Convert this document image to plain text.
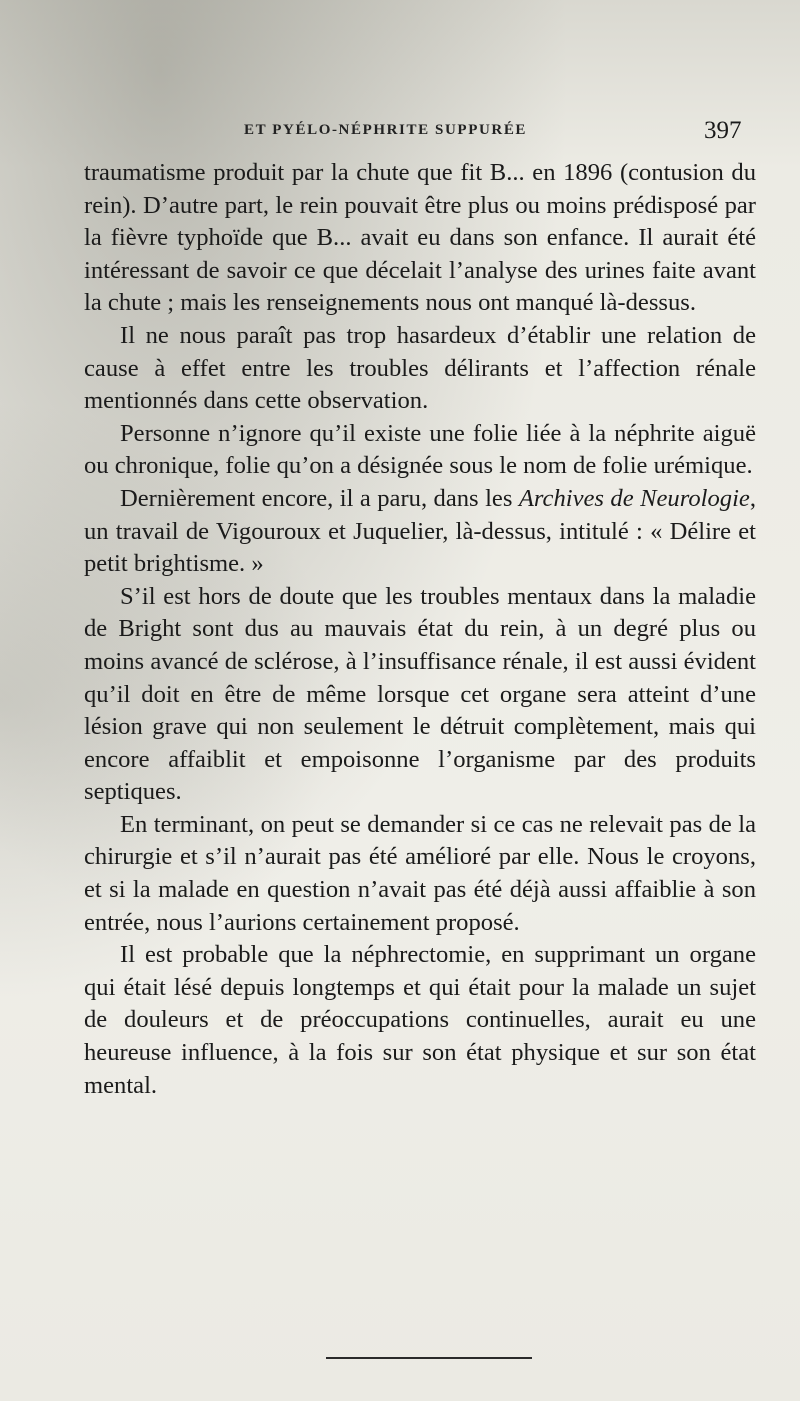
ET PYÉLO-NÉPHRITE SUPPURÉE	397

traumatisme produit par la chute que fit B... en 1896 (contusion du rein). D’autre part, le rein pouvait être plus ou moins prédisposé par la fièvre typhoïde que B... avait eu dans son enfance. Il aurait été intéressant de savoir ce que décelait l’analyse des urines faite avant la chute ; mais les renseignements nous ont manqué là-dessus.

Il ne nous paraît pas trop hasardeux d’établir une relation de cause à effet entre les troubles délirants et l’affection rénale mentionnés dans cette observation.

Personne n’ignore qu’il existe une folie liée à la néphrite aiguë ou chronique, folie qu’on a désignée sous le nom de folie urémique.

Dernièrement encore, il a paru, dans les Archives de Neurologie, un travail de Vigouroux et Juquelier, là-dessus, intitulé : « Délire et petit brightisme. »

S’il est hors de doute que les troubles mentaux dans la maladie de Bright sont dus au mauvais état du rein, à un degré plus ou moins avancé de sclérose, à l’insuffisance rénale, il est aussi évident qu’il doit en être de même lorsque cet organe sera atteint d’une lésion grave qui non seulement le détruit complètement, mais qui encore affaiblit et empoisonne l’organisme par des produits septiques.

En terminant, on peut se demander si ce cas ne relevait pas de la chirurgie et s’il n’aurait pas été amélioré par elle. Nous le croyons, et si la malade en question n’avait pas été déjà aussi affaiblie à son entrée, nous l’aurions certainement proposé.

Il est probable que la néphrectomie, en supprimant un organe qui était lésé depuis longtemps et qui était pour la malade un sujet de douleurs et de préoccupations continuelles, aurait eu une heureuse influence, à la fois sur son état physique et sur son état mental.
